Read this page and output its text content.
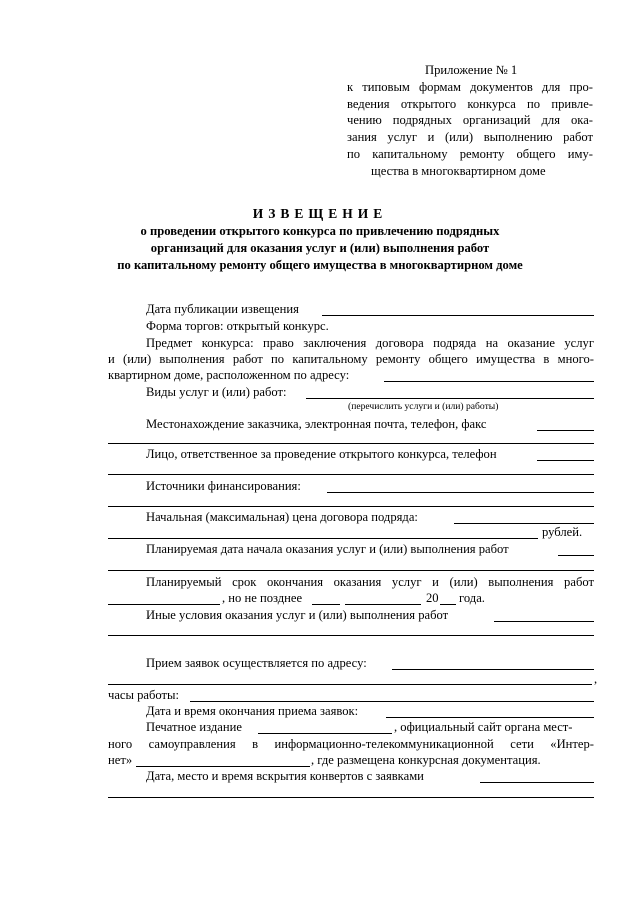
Приложение № 1
к типовым формам документов для про-
ведения открытого конкурса по привле-
чению подрядных организаций для ока-
зания услуг и (или) выполнению работ
по капитальному ремонту общего иму-
щества в многоквартирном доме
ИЗВЕЩЕНИЕ
о проведении открытого конкурса по привлечению подрядных
организаций для оказания услуг и (или) выполнения работ
по капитальному ремонту общего имущества в многоквартирном доме
Дата публикации извещения
Форма торгов: открытый конкурс.
Предмет конкурса: право заключения договора подряда на оказание услуг
и (или) выполнения работ по капитальному ремонту общего имущества в много-
квартирном доме, расположенном по адресу:
Виды услуг и (или) работ:
(перечислить услуги и (или) работы)
Местонахождение заказчика, электронная почта, телефон, факс
Лицо, ответственное за проведение открытого конкурса, телефон
Источники финансирования:
Начальная (максимальная) цена договора подряда:
рублей.
Планируемая дата начала оказания услуг и (или) выполнения работ
Планируемый срок окончания оказания услуг и (или) выполнения работ
, но не позднее	20 года.
Иные условия оказания услуг и (или) выполнения работ
Прием заявок осуществляется по адресу:
,
часы работы:
Дата и время окончания приема заявок:
Печатное издание	, официальный сайт органа мест-
ного самоуправления в информационно-телекоммуникационной сети «Интер-
нет»	, где размещена конкурсная документация.
Дата, место и время вскрытия конвертов с заявками
